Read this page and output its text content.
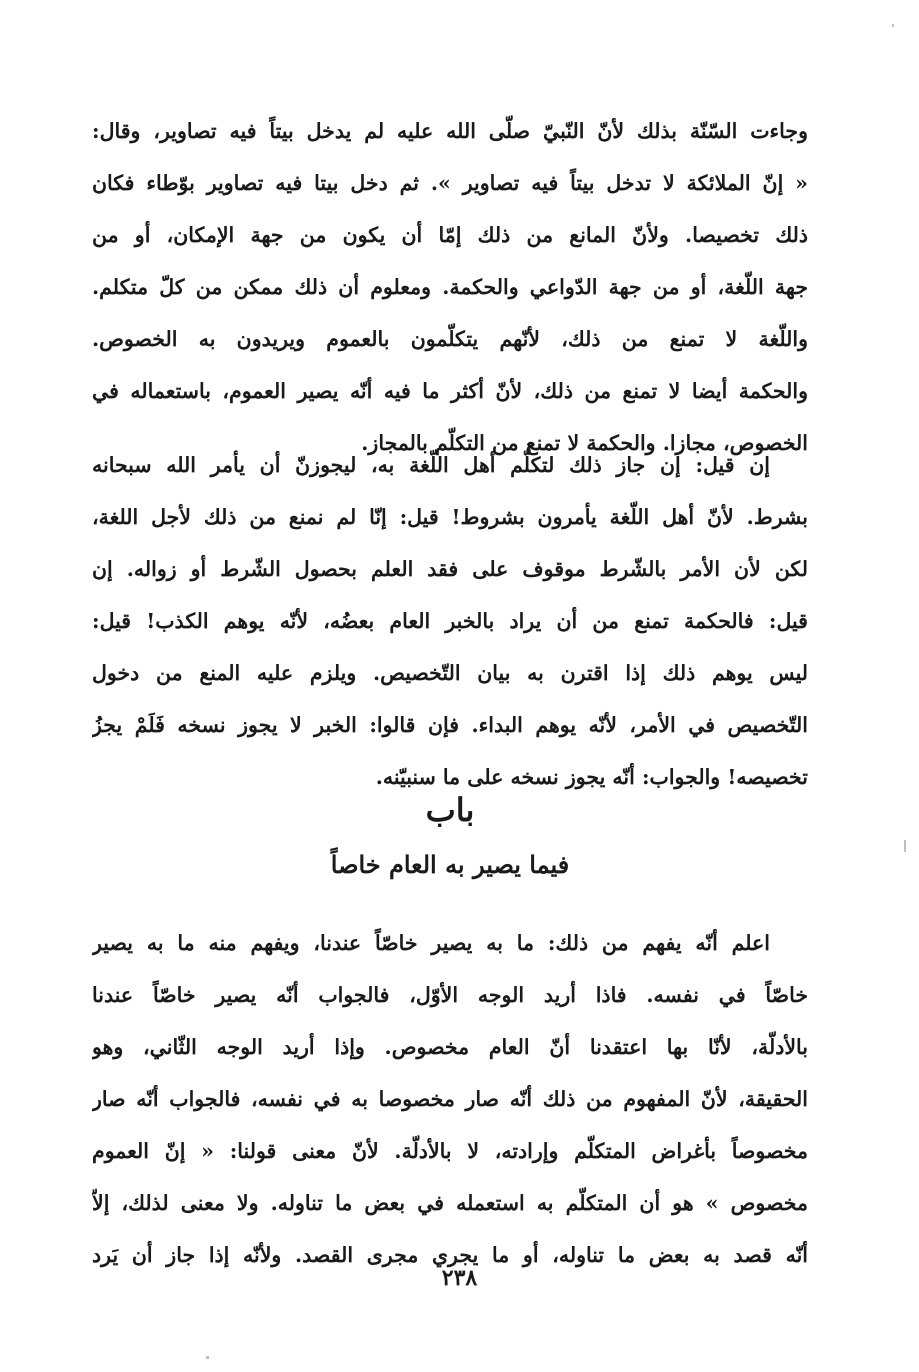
وجاءت السّنّة بذلك لأنّ النّبيّ صلّى الله عليه لم يدخل بيتاً فيه تصاوير، وقال:
« إنّ الملائكة لا تدخل بيتاً فيه تصاوير ». ثم دخل بيتا فيه تصاوير بوّطاء فكان
ذلك تخصيصا. ولأنّ المانع من ذلك إمّا أن يكون من جهة الإمكان، أو من
جهة اللّغة، أو من جهة الدّواعي والحكمة. ومعلوم أن ذلك ممكن من كلّ متكلم.
واللّغة لا تمنع من ذلك، لأنّهم يتكلّمون بالعموم ويريدون به الخصوص.
والحكمة أيضا لا تمنع من ذلك، لأنّ أكثر ما فيه أنّه يصير العموم، باستعماله في
الخصوص، مجازا. والحكمة لا تمنع من التكلّم بالمجاز.
إن قيل: إن جاز ذلك لتكلّم أهل اللّغة به، ليجوزنّ أن يأمر الله سبحانه
بشرط. لأنّ أهل اللّغة يأمرون بشروط! قيل: إنّا لم نمنع من ذلك لأجل اللغة،
لكن لأن الأمر بالشّرط موقوف على فقد العلم بحصول الشّرط أو زواله. إن
قيل: فالحكمة تمنع من أن يراد بالخبر العام بعضُه، لأنّه يوهم الكذب! قيل:
ليس يوهم ذلك إذا اقترن به بيان التّخصيص. ويلزم عليه المنع من دخول
التّخصيص في الأمر، لأنّه يوهم البداء. فإن قالوا: الخبر لا يجوز نسخه فَلَمْ يجزُ
تخصيصه! والجواب: أنّه يجوز نسخه على ما سنبيّنه.
باب
فيما يصير به العام خاصاً
اعلم أنّه يفهم من ذلك: ما به يصير خاصّاً عندنا، ويفهم منه ما به يصير
خاصّاً في نفسه. فاذا أريد الوجه الأوّل، فالجواب أنّه يصير خاصّاً عندنا
بالأدلّة، لأنّا بها اعتقدنا أنّ العام مخصوص. وإذا أريد الوجه الثّاني، وهو
الحقيقة، لأنّ المفهوم من ذلك أنّه صار مخصوصا به في نفسه، فالجواب أنّه صار
مخصوصاً بأغراض المتكلّم وإرادته، لا بالأدلّة. لأنّ معنى قولنا: « إنّ العموم
مخصوص » هو أن المتكلّم به استعمله في بعض ما تناوله. ولا معنى لذلك، إلاّ
أنّه قصد به بعض ما تناوله، أو ما يجري مجرى القصد. ولأنّه إذا جاز أن يَرد
٢٣٨
